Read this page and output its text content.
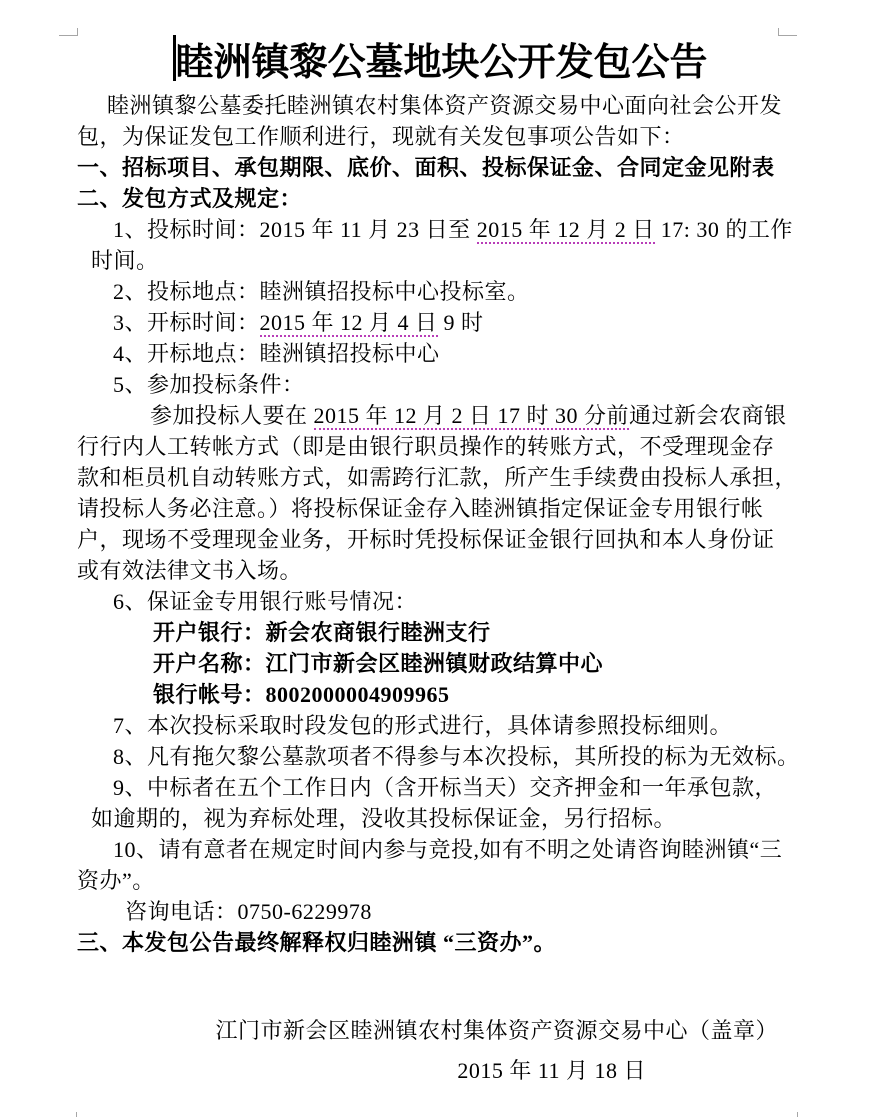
睦洲镇黎公墓地块公开发包公告
睦洲镇黎公墓委托睦洲镇农村集体资产资源交易中心面向社会公开发
包，为保证发包工作顺利进行，现就有关发包事项公告如下：
一、招标项目、承包期限、底价、面积、投标保证金、合同定金见附表
二、发包方式及规定：
1、投标时间：2015 年 11 月 23 日至 2015 年 12 月 2 日 17: 30 的工作
时间。
2、投标地点：睦洲镇招投标中心投标室。
3、开标时间：2015 年 12 月 4 日 9 时
4、开标地点：睦洲镇招投标中心
5、参加投标条件：
参加投标人要在 2015 年 12 月 2 日 17 时 30 分前通过新会农商银
行行内人工转帐方式（即是由银行职员操作的转账方式，不受理现金存
款和柜员机自动转账方式，如需跨行汇款，所产生手续费由投标人承担，
请投标人务必注意。）将投标保证金存入睦洲镇指定保证金专用银行帐
户，现场不受理现金业务，开标时凭投标保证金银行回执和本人身份证
或有效法律文书入场。
6、保证金专用银行账号情况：
开户银行：新会农商银行睦洲支行
开户名称：江门市新会区睦洲镇财政结算中心
银行帐号：8002000004909965
7、本次投标采取时段发包的形式进行，具体请参照投标细则。
8、凡有拖欠黎公墓款项者不得参与本次投标，其所投的标为无效标。
9、中标者在五个工作日内（含开标当天）交齐押金和一年承包款，
如逾期的，视为弃标处理，没收其投标保证金，另行招标。
10、请有意者在规定时间内参与竞投,如有不明之处请咨询睦洲镇“三
资办”。
咨询电话：0750-6229978
三、本发包公告最终解释权归睦洲镇 “三资办”。
江门市新会区睦洲镇农村集体资产资源交易中心（盖章）
2015 年 11 月 18 日
